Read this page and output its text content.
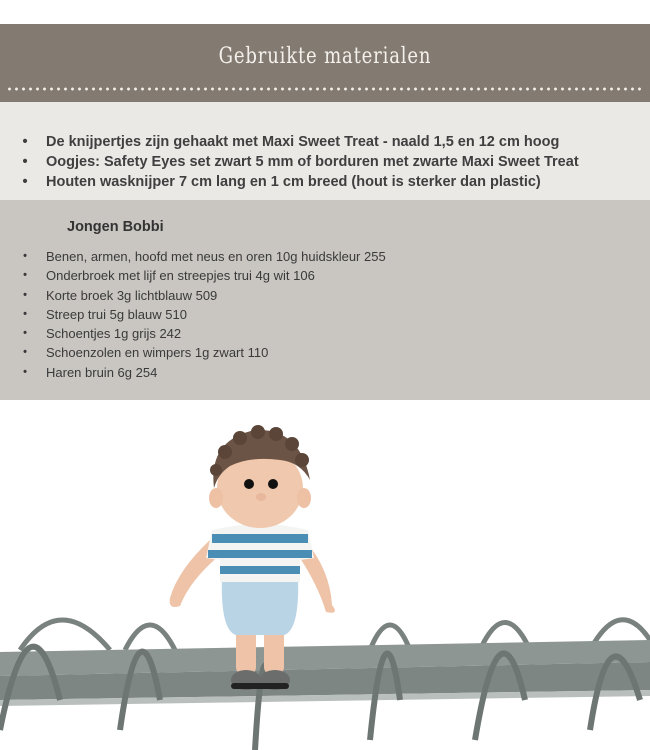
Gebruikte materialen
• De knijpertjes zijn gehaakt met Maxi Sweet Treat - naald 1,5 en 12 cm hoog
• Oogjes: Safety Eyes set zwart 5 mm of borduren met zwarte Maxi Sweet Treat
• Houten wasknijper 7 cm lang en 1 cm breed (hout is sterker dan plastic)
Jongen Bobbi
•	Benen, armen, hoofd met neus en oren 10g huidskleur 255
•	Onderbroek met lijf en streepjes trui 4g wit 106
•	Korte broek 3g lichtblauw 509
•	Streep trui 5g blauw 510
•	Schoentjes 1g grijs 242
•	Schoenzolen en wimpers 1g zwart 110
•	Haren bruin 6g 254
